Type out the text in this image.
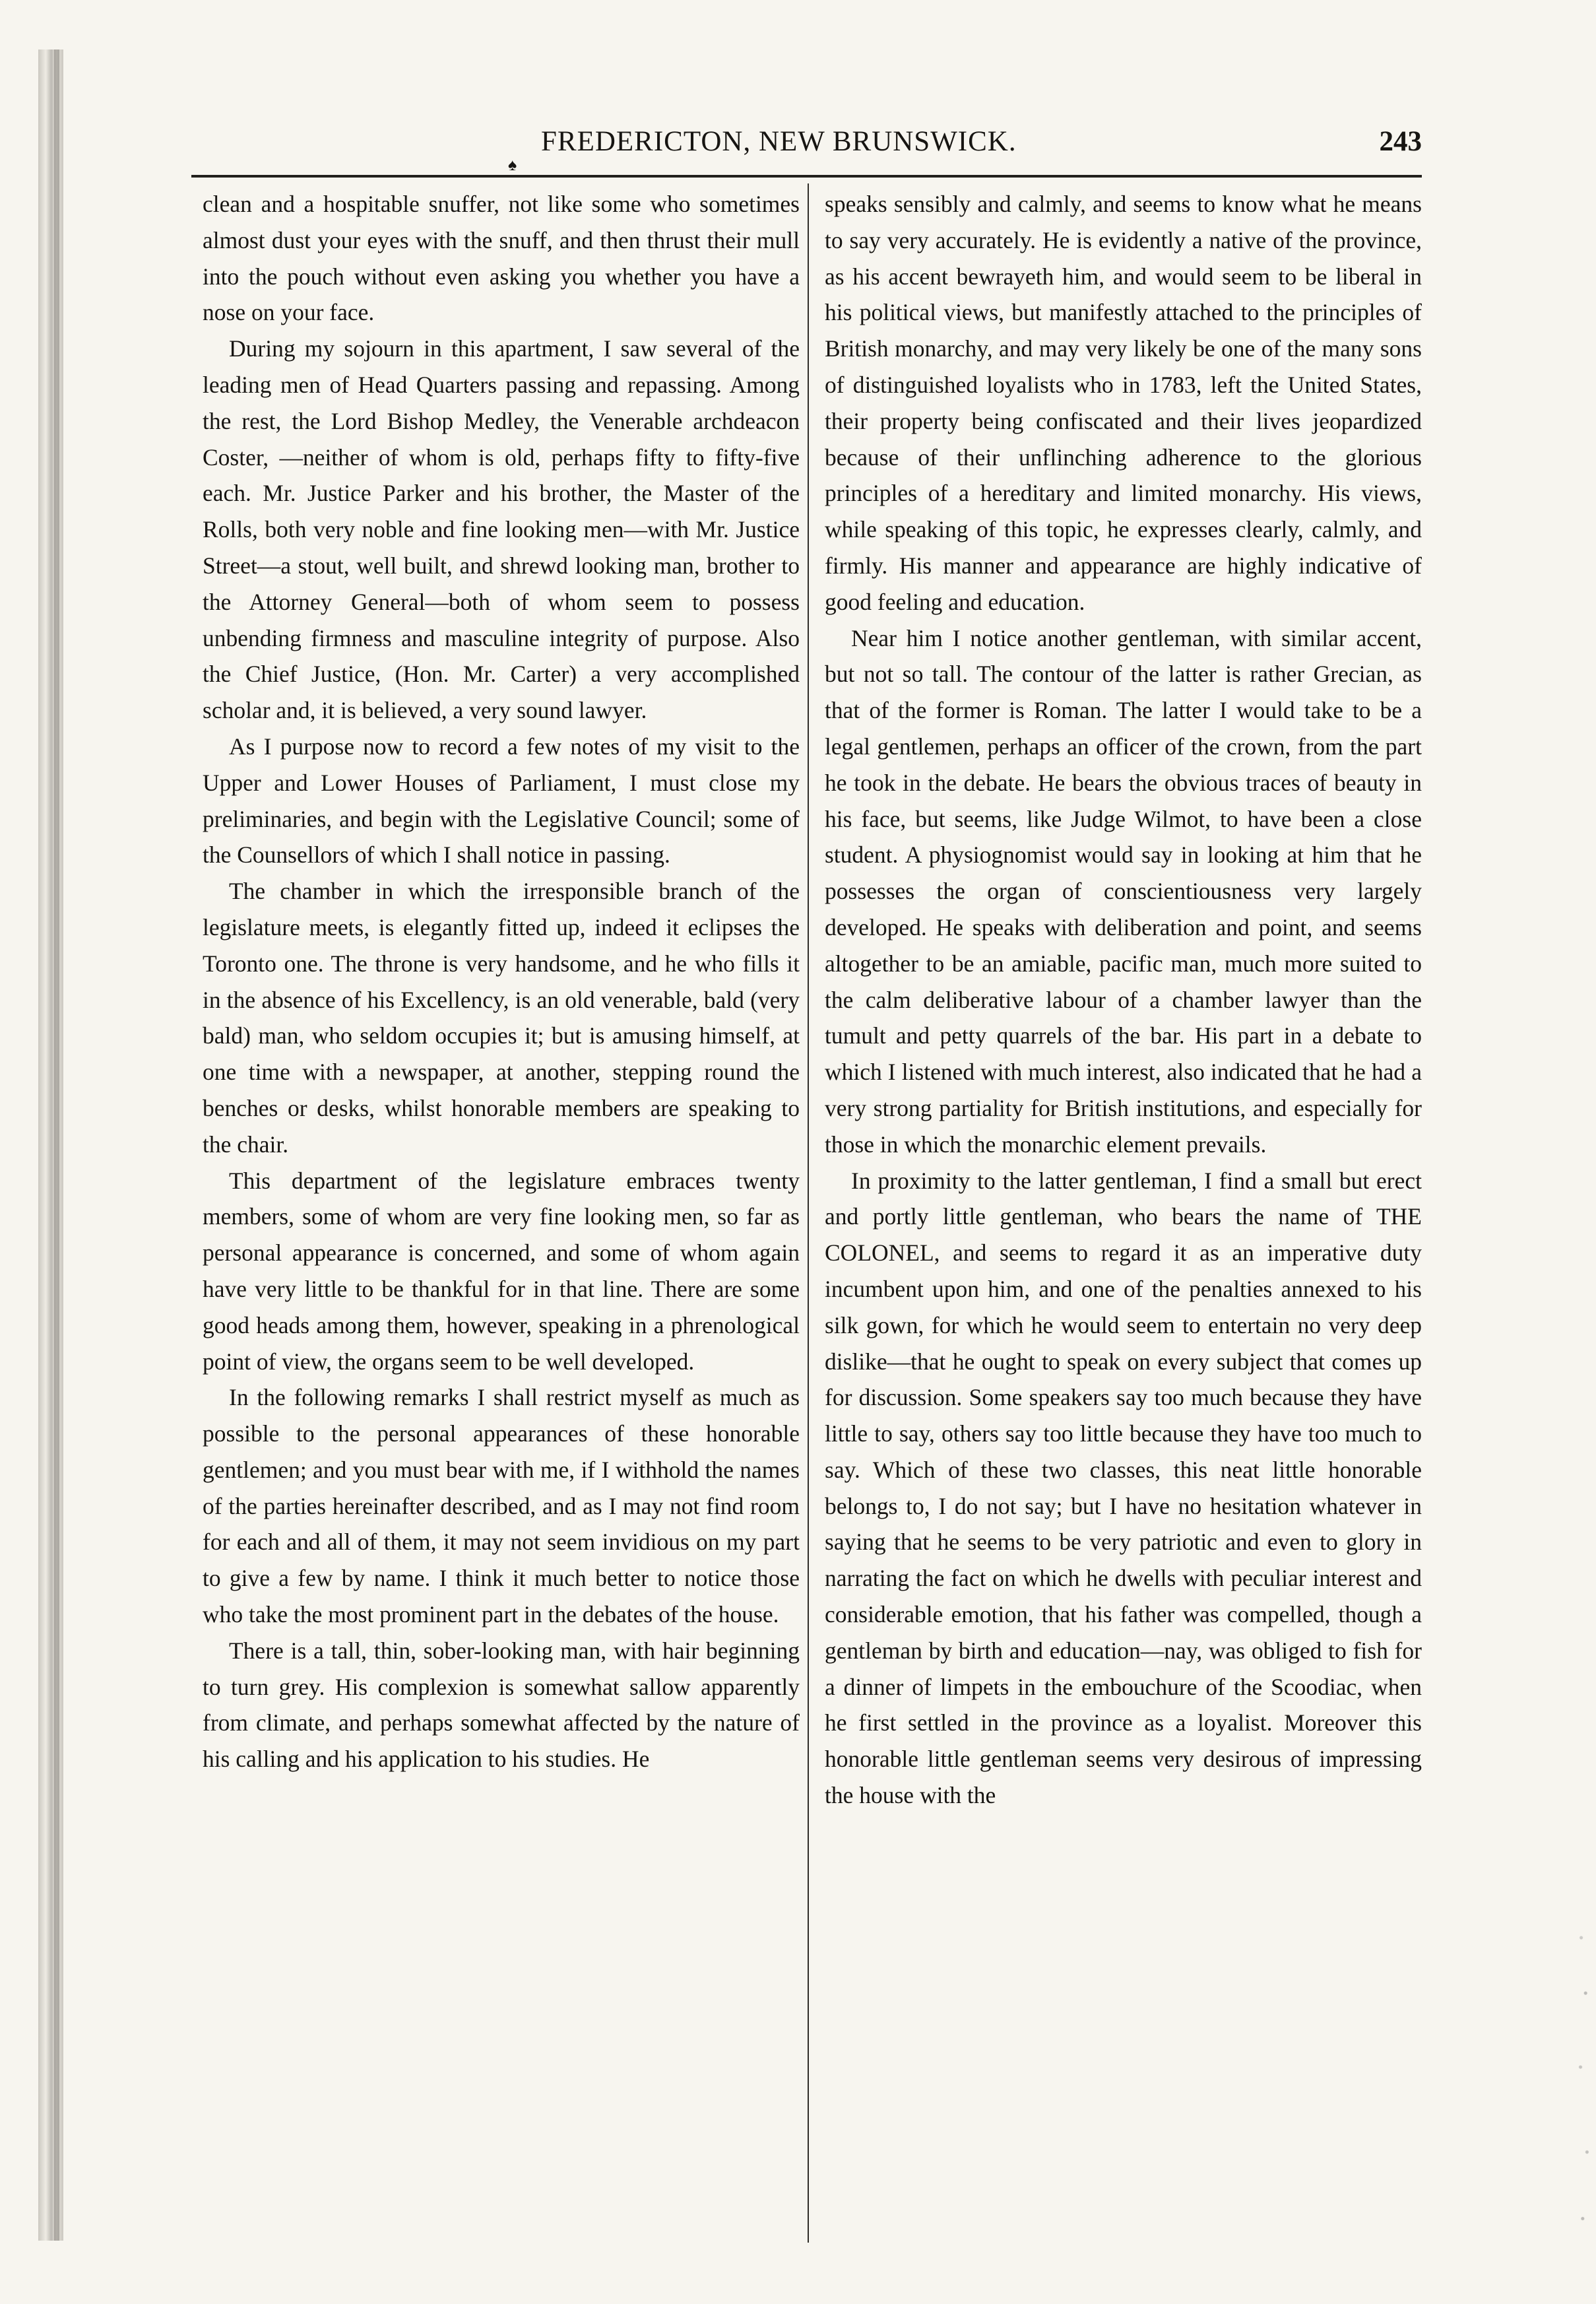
FREDERICTON, NEW BRUNSWICK.
♠
243

clean and a hospitable snuffer, not like some who sometimes almost dust your eyes with the snuff, and then thrust their mull into the pouch without even asking you whether you have a nose on your face.

During my sojourn in this apartment, I saw several of the leading men of Head Quarters passing and repassing. Among the rest, the Lord Bishop Medley, the Venerable archdeacon Coster, —neither of whom is old, perhaps fifty to fifty-five each. Mr. Justice Parker and his brother, the Master of the Rolls, both very noble and fine looking men—with Mr. Justice Street—a stout, well built, and shrewd looking man, brother to the Attorney General—both of whom seem to possess unbending firmness and masculine integrity of purpose. Also the Chief Justice, (Hon. Mr. Carter) a very accomplished scholar and, it is believed, a very sound lawyer.

As I purpose now to record a few notes of my visit to the Upper and Lower Houses of Parliament, I must close my preliminaries, and begin with the Legislative Council; some of the Counsellors of which I shall notice in passing.

The chamber in which the irresponsible branch of the legislature meets, is elegantly fitted up, indeed it eclipses the Toronto one. The throne is very handsome, and he who fills it in the absence of his Excellency, is an old venerable, bald (very bald) man, who seldom occupies it; but is amusing himself, at one time with a newspaper, at another, stepping round the benches or desks, whilst honorable members are speaking to the chair.

This department of the legislature embraces twenty members, some of whom are very fine looking men, so far as personal appearance is concerned, and some of whom again have very little to be thankful for in that line. There are some good heads among them, however, speaking in a phrenological point of view, the organs seem to be well developed.

In the following remarks I shall restrict myself as much as possible to the personal appearances of these honorable gentlemen; and you must bear with me, if I withhold the names of the parties hereinafter described, and as I may not find room for each and all of them, it may not seem invidious on my part to give a few by name. I think it much better to notice those who take the most prominent part in the debates of the house.

There is a tall, thin, sober-looking man, with hair beginning to turn grey. His complexion is somewhat sallow apparently from climate, and perhaps somewhat affected by the nature of his calling and his application to his studies. He

speaks sensibly and calmly, and seems to know what he means to say very accurately. He is evidently a native of the province, as his accent bewrayeth him, and would seem to be liberal in his political views, but manifestly attached to the principles of British monarchy, and may very likely be one of the many sons of distinguished loyalists who in 1783, left the United States, their property being confiscated and their lives jeopardized because of their unflinching adherence to the glorious principles of a hereditary and limited monarchy. His views, while speaking of this topic, he expresses clearly, calmly, and firmly. His manner and appearance are highly indicative of good feeling and education.

Near him I notice another gentleman, with similar accent, but not so tall. The contour of the latter is rather Grecian, as that of the former is Roman. The latter I would take to be a legal gentlemen, perhaps an officer of the crown, from the part he took in the debate. He bears the obvious traces of beauty in his face, but seems, like Judge Wilmot, to have been a close student. A physiognomist would say in looking at him that he possesses the organ of conscientiousness very largely developed. He speaks with deliberation and point, and seems altogether to be an amiable, pacific man, much more suited to the calm deliberative labour of a chamber lawyer than the tumult and petty quarrels of the bar. His part in a debate to which I listened with much interest, also indicated that he had a very strong partiality for British institutions, and especially for those in which the monarchic element prevails.

In proximity to the latter gentleman, I find a small but erect and portly little gentleman, who bears the name of THE COLONEL, and seems to regard it as an imperative duty incumbent upon him, and one of the penalties annexed to his silk gown, for which he would seem to entertain no very deep dislike—that he ought to speak on every subject that comes up for discussion. Some speakers say too much because they have little to say, others say too little because they have too much to say. Which of these two classes, this neat little honorable belongs to, I do not say; but I have no hesitation whatever in saying that he seems to be very patriotic and even to glory in narrating the fact on which he dwells with peculiar interest and considerable emotion, that his father was compelled, though a gentleman by birth and education—nay, was obliged to fish for a dinner of limpets in the embouchure of the Scoodiac, when he first settled in the province as a loyalist. Moreover this honorable little gentleman seems very desirous of impressing the house with the
